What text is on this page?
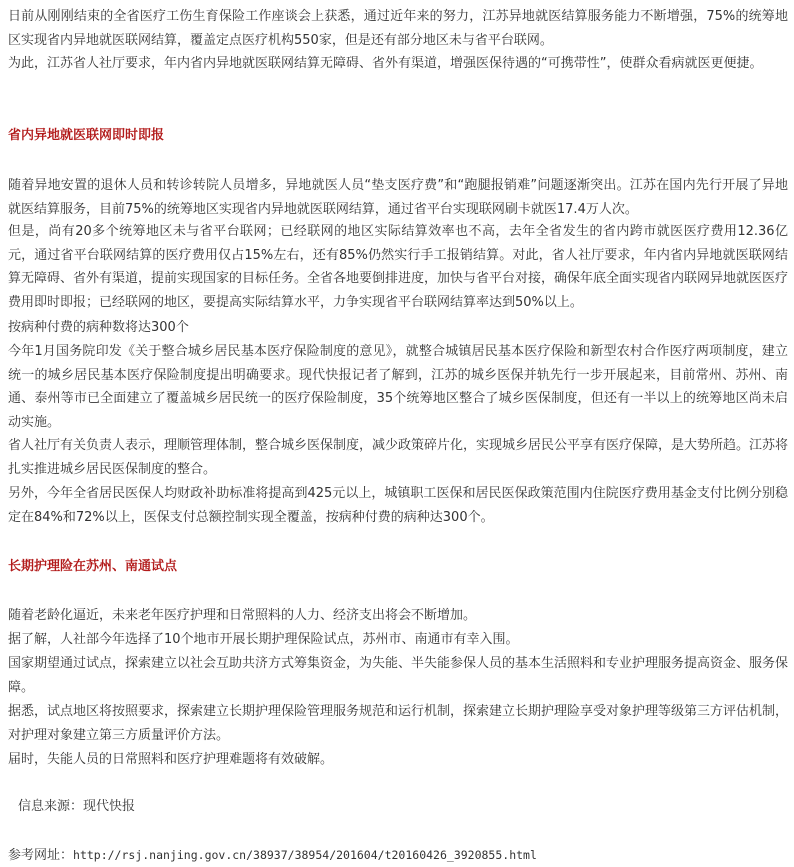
日前从刚刚结束的全省医疗工伤生育保险工作座谈会上获悉，通过近年来的努力，江苏异地就医结算服务能力不断增强，75%的统筹地区实现省内异地就医联网结算，覆盖定点医疗机构550家，但是还有部分地区未与省平台联网。

为此，江苏省人社厅要求，年内省内异地就医联网结算无障碍、省外有渠道，增强医保待遇的“可携带性”，使群众看病就医更便捷。

省内异地就医联网即时即报

随着异地安置的退休人员和转诊转院人员增多，异地就医人员“垫支医疗费”和“跑腿报销难”问题逐渐突出。江苏在国内先行开展了异地就医结算服务，目前75%的统筹地区实现省内异地就医联网结算，通过省平台实现联网刷卡就医17.4万人次。

但是，尚有20多个统筹地区未与省平台联网；已经联网的地区实际结算效率也不高，去年全省发生的省内跨市就医医疗费用12.36亿元，通过省平台联网结算的医疗费用仅占15%左右，还有85%仍然实行手工报销结算。对此，省人社厅要求，年内省内异地就医联网结算无障碍、省外有渠道，提前实现国家的目标任务。全省各地要倒排进度，加快与省平台对接，确保年底全面实现省内联网异地就医医疗费用即时即报；已经联网的地区，要提高实际结算水平，力争实现省平台联网结算率达到50%以上。

按病种付费的病种数将达300个

今年1月国务院印发《关于整合城乡居民基本医疗保险制度的意见》，就整合城镇居民基本医疗保险和新型农村合作医疗两项制度，建立统一的城乡居民基本医疗保险制度提出明确要求。现代快报记者了解到，江苏的城乡医保并轨先行一步开展起来，目前常州、苏州、南通、泰州等市已全面建立了覆盖城乡居民统一的医疗保险制度，35个统筹地区整合了城乡医保制度，但还有一半以上的统筹地区尚未启动实施。

省人社厅有关负责人表示，理顺管理体制，整合城乡医保制度，减少政策碎片化，实现城乡居民公平享有医疗保障，是大势所趋。江苏将扎实推进城乡居民医保制度的整合。

另外，今年全省居民医保人均财政补助标准将提高到425元以上，城镇职工医保和居民医保政策范围内住院医疗费用基金支付比例分别稳定在84%和72%以上，医保支付总额控制实现全覆盖，按病种付费的病种达300个。

长期护理险在苏州、南通试点

随着老龄化逼近，未来老年医疗护理和日常照料的人力、经济支出将会不断增加。

据了解，人社部今年选择了10个地市开展长期护理保险试点，苏州市、南通市有幸入围。

国家期望通过试点，探索建立以社会互助共济方式筹集资金，为失能、半失能参保人员的基本生活照料和专业护理服务提高资金、服务保障。

据悉，试点地区将按照要求，探索建立长期护理保险管理服务规范和运行机制，探索建立长期护理险享受对象护理等级第三方评估机制，对护理对象建立第三方质量评价方法。

届时，失能人员的日常照料和医疗护理难题将有效破解。

信息来源：现代快报

参考网址：http://rsj.nanjing.gov.cn/38937/38954/201604/t20160426_3920855.html
